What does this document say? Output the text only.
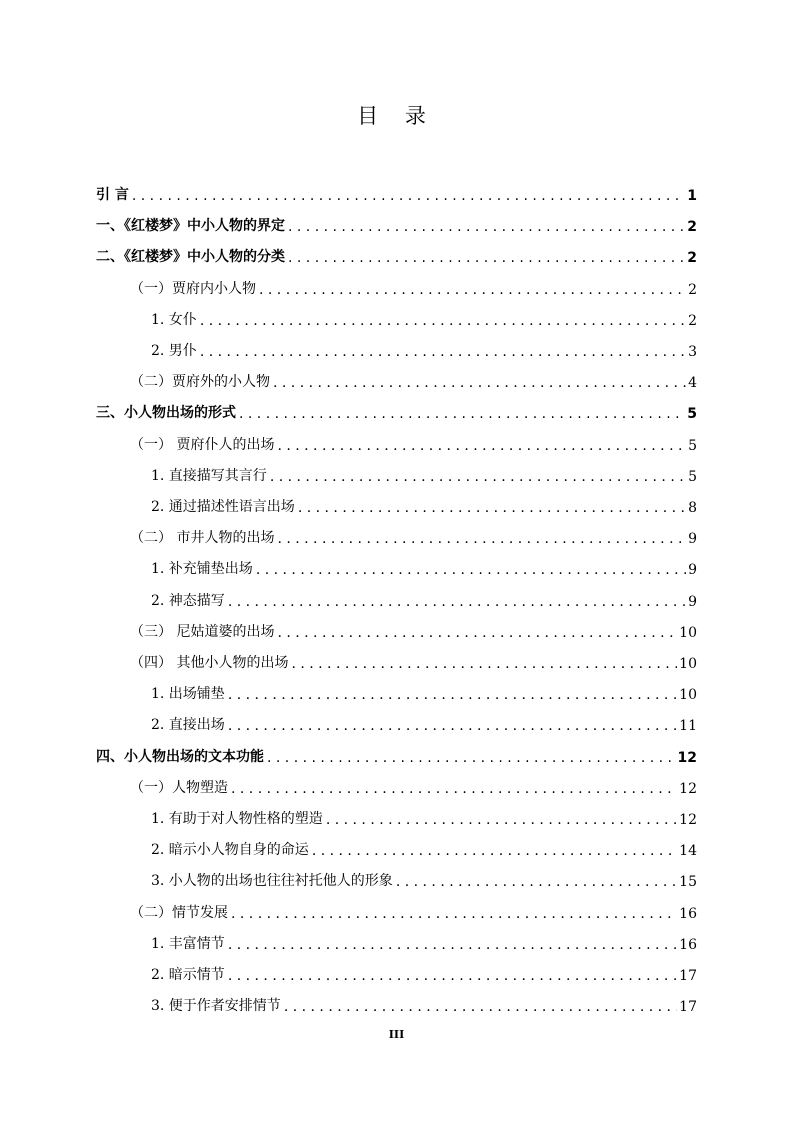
目 录
引 言 . . .	1
一、《红楼梦》中小人物的界定 . . .	2
二、《红楼梦》中小人物的分类 . . .	2
（一）贾府内小人物 . . .	2
1. 女仆 . . .	2
2. 男仆 . . .	3
（二）贾府外的小人物 . . .	4
三、小人物出场的形式 . . .	5
（一） 贾府仆人的出场 . . .	5
1. 直接描写其言行 . . .	5
2. 通过描述性语言出场 . . .	8
（二） 市井人物的出场 . . .	9
1. 补充铺垫出场 . . .	9
2. 神态描写 . . .	9
（三） 尼姑道婆的出场 . . .	10
（四） 其他小人物的出场 . . .	10
1. 出场铺垫 . . .	10
2. 直接出场 . . .	11
四、小人物出场的文本功能 . . .	12
（一）人物塑造 . . .	12
1. 有助于对人物性格的塑造 . . .	12
2. 暗示小人物自身的命运 . . .	14
3. 小人物的出场也往往衬托他人的形象 . . .	15
（二）情节发展 . . .	16
1. 丰富情节 . . .	16
2. 暗示情节 . . .	17
3. 便于作者安排情节 . . .	17
III
